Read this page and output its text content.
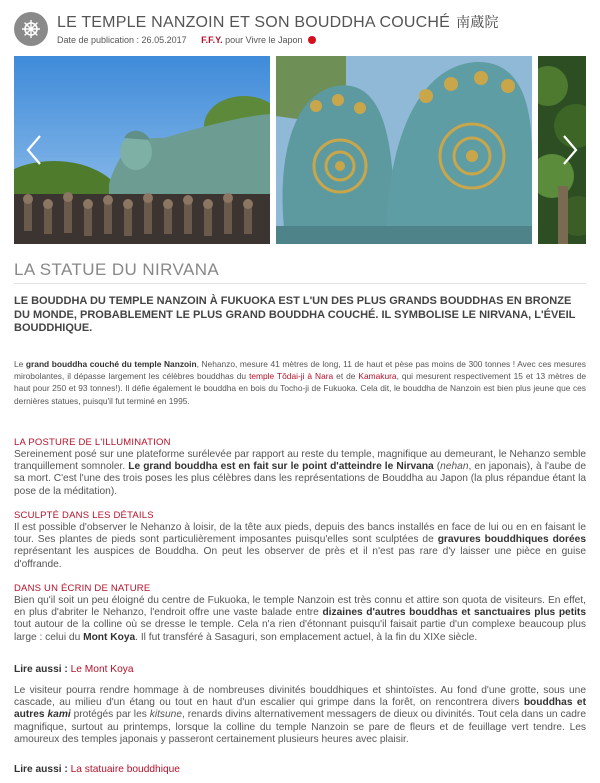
LE TEMPLE NANZOIN ET SON BOUDDHA COUCHÉ 南蔵院
Date de publication : 26.05.2017 F.F.Y. pour Vivre le Japon
LA STATUE DU NIRVANA
LE BOUDDHA DU TEMPLE NANZOIN À FUKUOKA EST L'UN DES PLUS GRANDS BOUDDHAS EN BRONZE DU MONDE, PROBABLEMENT LE PLUS GRAND BOUDDHA COUCHÉ. IL SYMBOLISE LE NIRVANA, L'ÉVEIL BOUDDHIQUE.
Le grand bouddha couché du temple Nanzoin, Nehanzo, mesure 41 mètres de long, 11 de haut et pèse pas moins de 300 tonnes ! Avec ces mesures mirobolantes, il dépasse largement les célèbres bouddhas du temple Tôdai-ji à Nara et de Kamakura, qui mesurent respectivement 15 et 13 mètres de haut pour 250 et 93 tonnes!). Il défie également le bouddha en bois du Tocho-ji de Fukuoka. Cela dit, le bouddha de Nanzoin est bien plus jeune que ces dernières statues, puisqu'il fut terminé en 1995.
LA POSTURE DE L'ILLUMINATION
Sereinement posé sur une plateforme surélevée par rapport au reste du temple, magnifique au demeurant, le Nehanzo semble tranquillement somnoler. Le grand bouddha est en fait sur le point d'atteindre le Nirvana (nehan, en japonais), à l'aube de sa mort. C'est l'une des trois poses les plus célèbres dans les représentations de Bouddha au Japon (la plus répandue étant la pose de la méditation).
SCULPTÉ DANS LES DÉTAILS
Il est possible d'observer le Nehanzo à loisir, de la tête aux pieds, depuis des bancs installés en face de lui ou en en faisant le tour. Ses plantes de pieds sont particulièrement imposantes puisqu'elles sont sculptées de gravures bouddhiques dorées représentant les auspices de Bouddha. On peut les observer de près et il n'est pas rare d'y laisser une pièce en guise d'offrande.
DANS UN ÉCRIN DE NATURE
Bien qu'il soit un peu éloigné du centre de Fukuoka, le temple Nanzoin est très connu et attire son quota de visiteurs. En effet, en plus d'abriter le Nehanzo, l'endroit offre une vaste balade entre dizaines d'autres bouddhas et sanctuaires plus petits tout autour de la colline où se dresse le temple. Cela n'a rien d'étonnant puisqu'il faisait partie d'un complexe beaucoup plus large : celui du Mont Koya. Il fut transféré à Sasaguri, son emplacement actuel, à la fin du XIXe siècle.
Lire aussi : Le Mont Koya
Le visiteur pourra rendre hommage à de nombreuses divinités bouddhiques et shintoïstes. Au fond d'une grotte, sous une cascade, au milieu d'un étang ou tout en haut d'un escalier qui grimpe dans la forêt, on rencontrera divers bouddhas et autres kami protégés par les kitsune, renards divins alternativement messagers de dieux ou divinités. Tout cela dans un cadre magnifique, surtout au printemps, lorsque la colline du temple Nanzoin se pare de fleurs et de feuillage vert tendre. Les amoureux des temples japonais y passeront certainement plusieurs heures avec plaisir.
Lire aussi : La statuaire bouddhique
